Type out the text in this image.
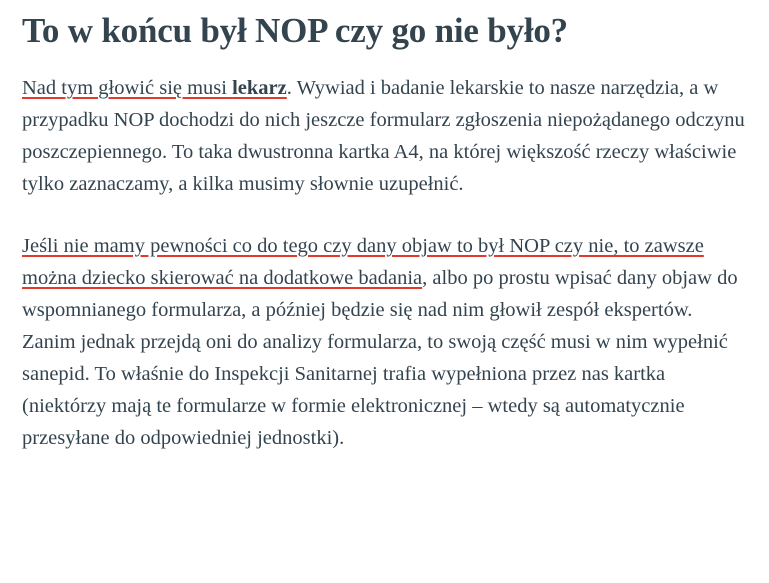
To w końcu był NOP czy go nie było?

Nad tym głowić się musi lekarz. Wywiad i badanie lekarskie to nasze narzędzia, a w przypadku NOP dochodzi do nich jeszcze formularz zgłoszenia niepożądanego odczynu poszczepiennego. To taka dwustronna kartka A4, na której większość rzeczy właściwie tylko zaznaczamy, a kilka musimy słownie uzupełnić.

Jeśli nie mamy pewności co do tego czy dany objaw to był NOP czy nie, to zawsze można dziecko skierować na dodatkowe badania, albo po prostu wpisać dany objaw do wspomnianego formularza, a później będzie się nad nim głowił zespół ekspertów. Zanim jednak przejdą oni do analizy formularza, to swoją część musi w nim wypełnić sanepid. To właśnie do Inspekcji Sanitarnej trafia wypełniona przez nas kartka (niektórzy mają te formularze w formie elektronicznej – wtedy są automatycznie przesyłane do odpowiedniej jednostki).
